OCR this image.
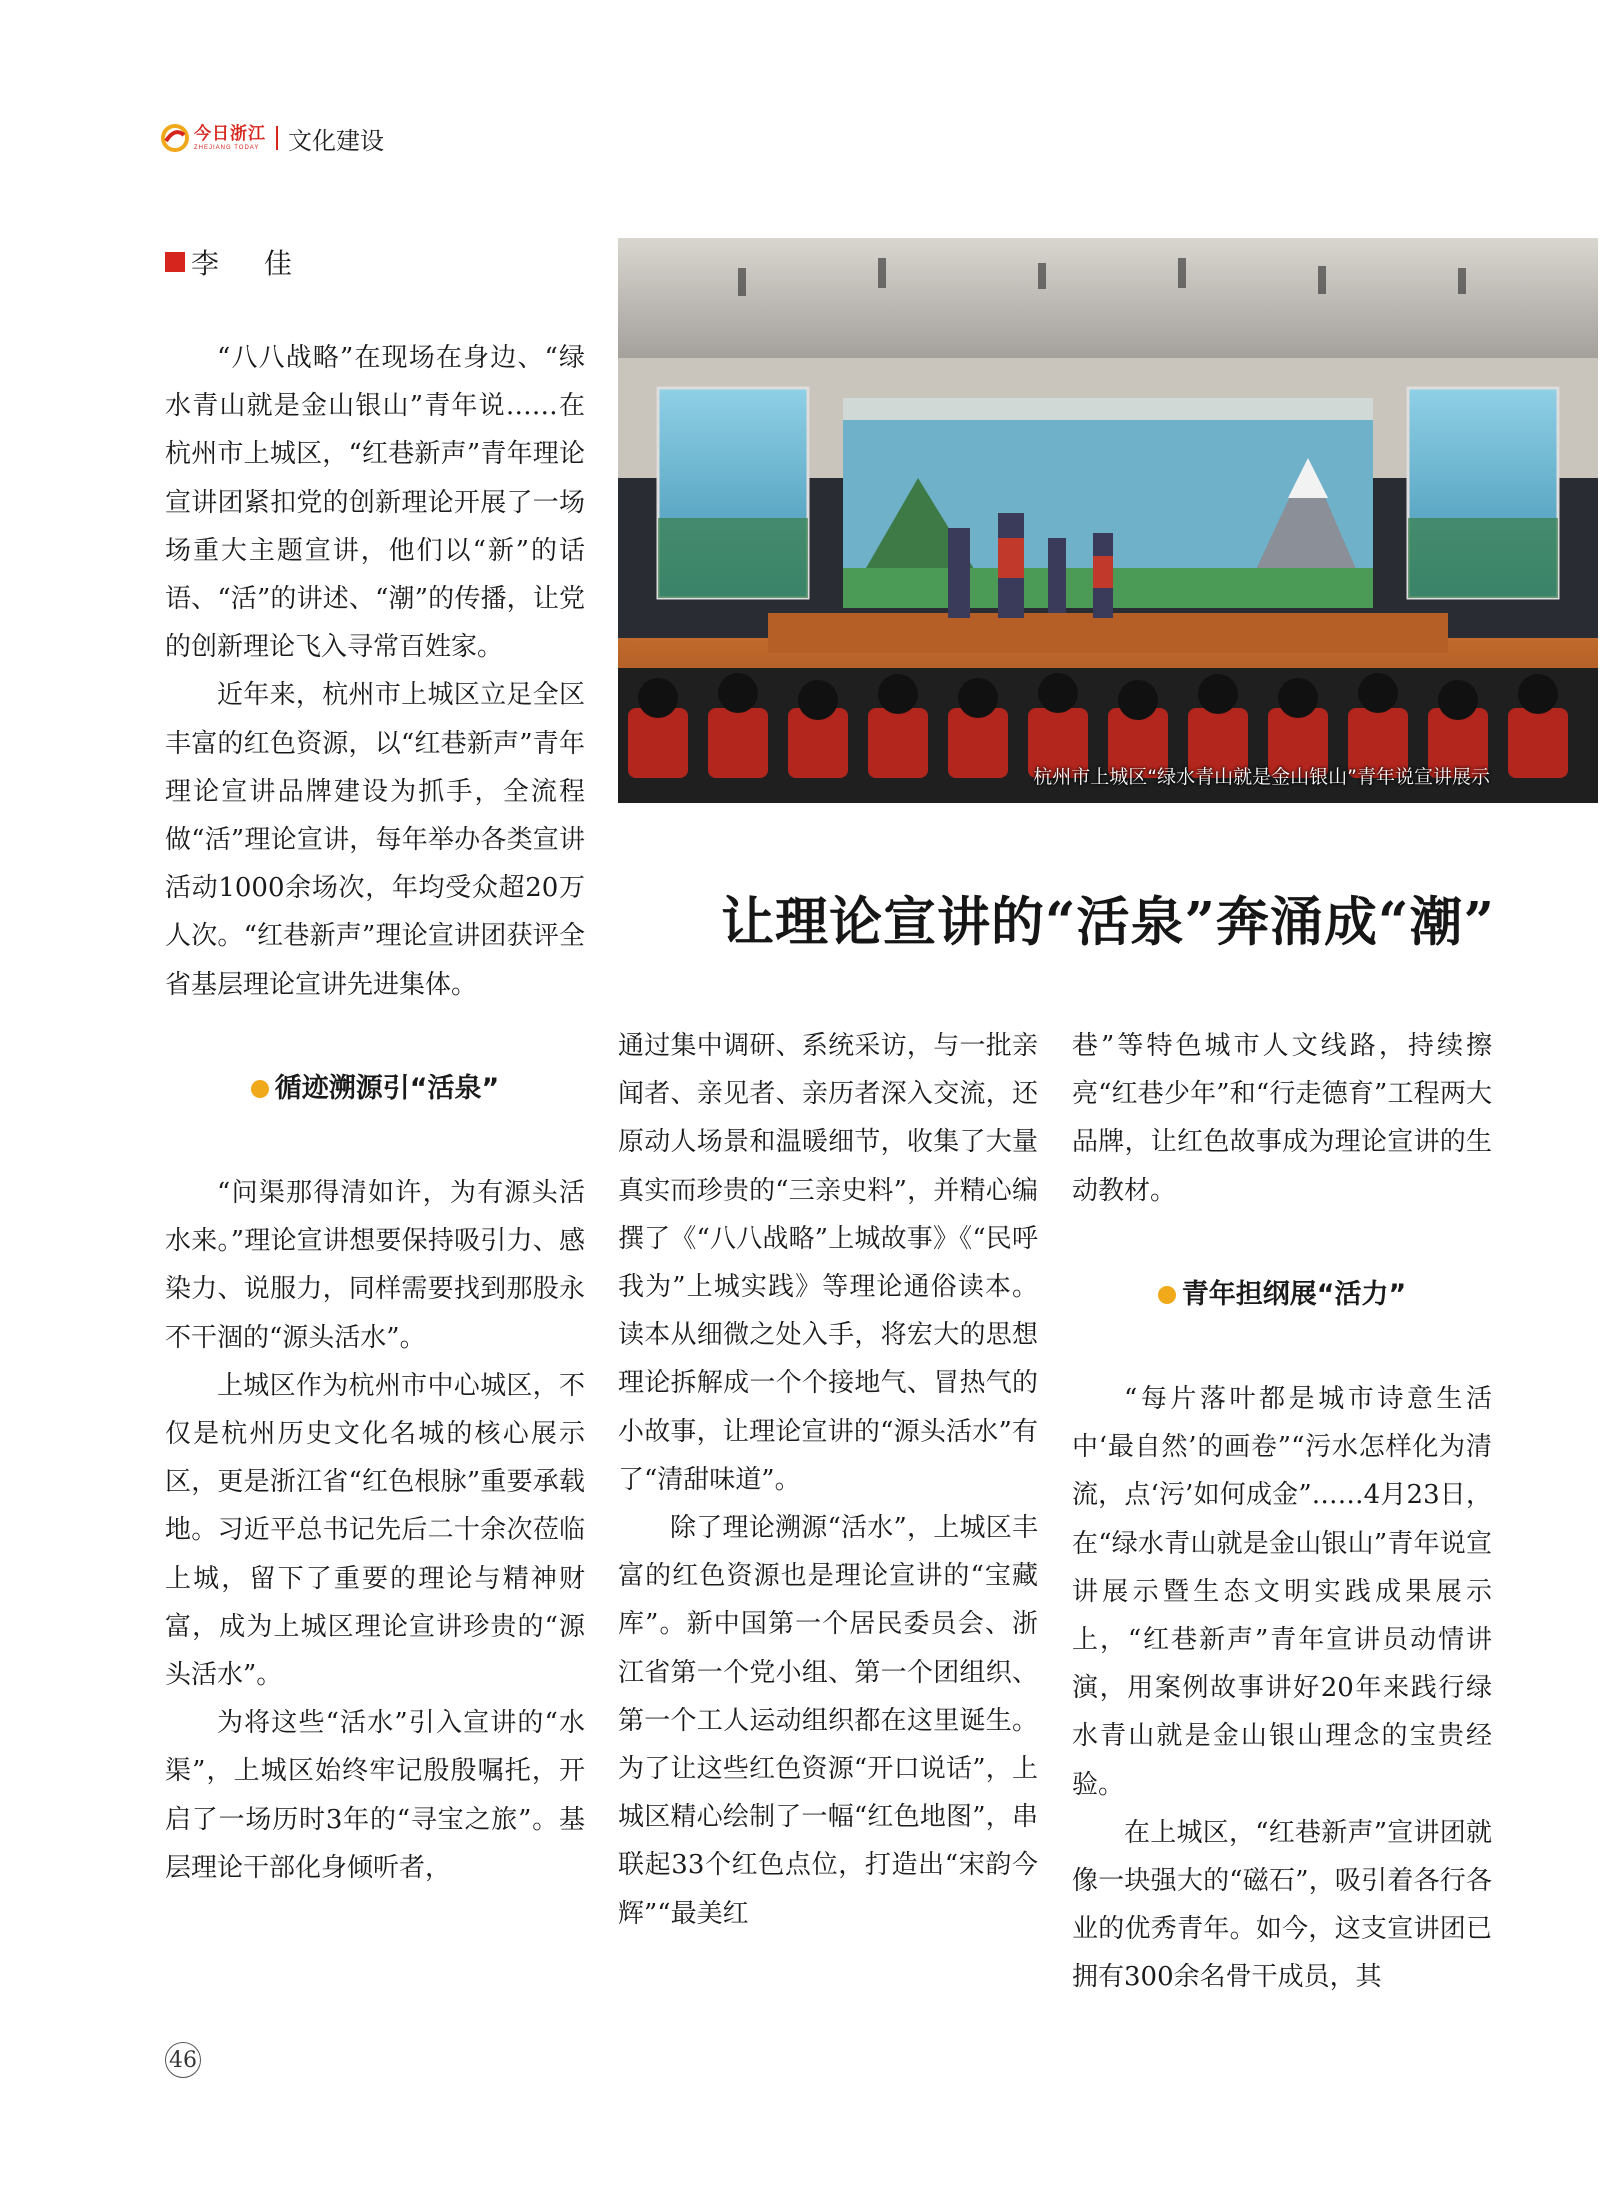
今日浙江
ZHEJIANG TODAY 文化建设
李 佳
杭州市上城区“绿水青山就是金山银山”青年说宣讲展示
让理论宣讲的“活泉”奔涌成“潮”

“八八战略”在现场在身边、“绿水青山就是金山银山”青年说……在杭州市上城区，“红巷新声”青年理论宣讲团紧扣党的创新理论开展了一场场重大主题宣讲，他们以“新”的话语、“活”的讲述、“潮”的传播，让党的创新理论飞入寻常百姓家。

近年来，杭州市上城区立足全区丰富的红色资源，以“红巷新声”青年理论宣讲品牌建设为抓手，全流程做“活”理论宣讲，每年举办各类宣讲活动1000余场次，年均受众超20万人次。“红巷新声”理论宣讲团获评全省基层理论宣讲先进集体。

循迹溯源引“活泉”

“问渠那得清如许，为有源头活水来。”理论宣讲想要保持吸引力、感染力、说服力，同样需要找到那股永不干涸的“源头活水”。

上城区作为杭州市中心城区，不仅是杭州历史文化名城的核心展示区，更是浙江省“红色根脉”重要承载地。习近平总书记先后二十余次莅临上城，留下了重要的理论与精神财富，成为上城区理论宣讲珍贵的“源头活水”。

为将这些“活水”引入宣讲的“水渠”，上城区始终牢记殷殷嘱托，开启了一场历时3年的“寻宝之旅”。基层理论干部化身倾听者，

通过集中调研、系统采访，与一批亲闻者、亲见者、亲历者深入交流，还原动人场景和温暖细节，收集了大量真实而珍贵的“三亲史料”，并精心编撰了《“八八战略”上城故事》《“民呼我为”上城实践》等理论通俗读本。读本从细微之处入手，将宏大的思想理论拆解成一个个接地气、冒热气的小故事，让理论宣讲的“源头活水”有了“清甜味道”。

除了理论溯源“活水”，上城区丰富的红色资源也是理论宣讲的“宝藏库”。新中国第一个居民委员会、浙江省第一个党小组、第一个团组织、第一个工人运动组织都在这里诞生。为了让这些红色资源“开口说话”，上城区精心绘制了一幅“红色地图”，串联起33个红色点位，打造出“宋韵今辉”“最美红

巷”等特色城市人文线路，持续擦亮“红巷少年”和“行走德育”工程两大品牌，让红色故事成为理论宣讲的生动教材。

青年担纲展“活力”

“每片落叶都是城市诗意生活中‘最自然’的画卷”“污水怎样化为清流，点‘污’如何成金”……4月23日，在“绿水青山就是金山银山”青年说宣讲展示暨生态文明实践成果展示上，“红巷新声”青年宣讲员动情讲演，用案例故事讲好20年来践行绿水青山就是金山银山理念的宝贵经验。

在上城区，“红巷新声”宣讲团就像一块强大的“磁石”，吸引着各行各业的优秀青年。如今，这支宣讲团已拥有300余名骨干成员，其

46
